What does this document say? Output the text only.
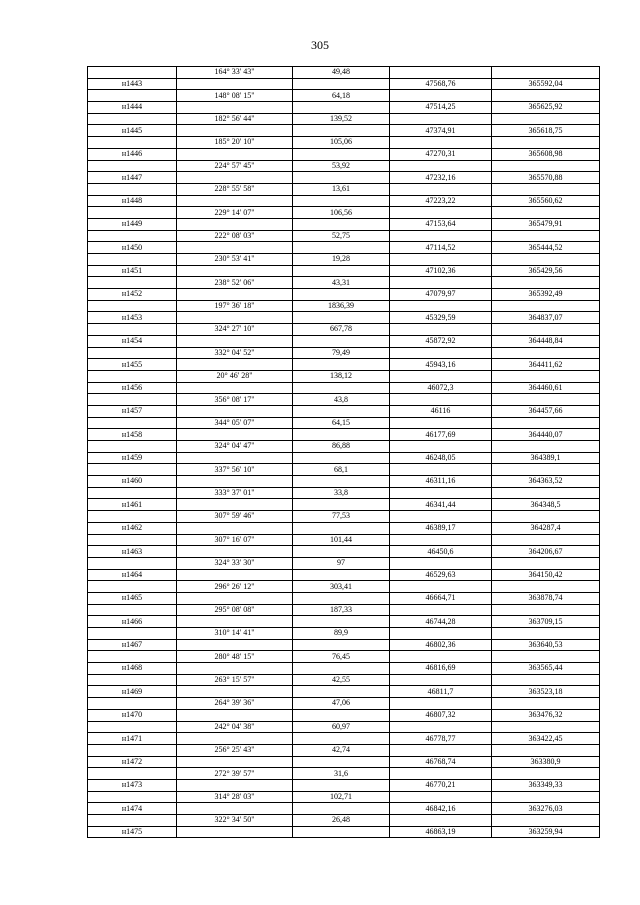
305
	164° 33' 43"	49,48		
н1443			47568,76	365592,04
	148° 08' 15"	64,18		
н1444			47514,25	365625,92
	182° 56' 44"	139,52		
н1445			47374,91	365618,75
	185° 20' 10"	105,06		
н1446			47270,31	365608,98
	224° 57' 45"	53,92		
н1447			47232,16	365570,88
	228° 55' 58"	13,61		
н1448			47223,22	365560,62
	229° 14' 07"	106,56		
н1449			47153,64	365479,91
	222° 08' 03"	52,75		
н1450			47114,52	365444,52
	230° 53' 41"	19,28		
н1451			47102,36	365429,56
	238° 52' 06"	43,31		
н1452			47079,97	365392,49
	197° 36' 18"	1836,39		
н1453			45329,59	364837,07
	324° 27' 10"	667,78		
н1454			45872,92	364448,84
	332° 04' 52"	79,49		
н1455			45943,16	364411,62
	20° 46' 28"	138,12		
н1456			46072,3	364460,61
	356° 08' 17"	43,8		
н1457			46116	364457,66
	344° 05' 07"	64,15		
н1458			46177,69	364440,07
	324° 04' 47"	86,88		
н1459			46248,05	364389,1
	337° 56' 10"	68,1		
н1460			46311,16	364363,52
	333° 37' 01"	33,8		
н1461			46341,44	364348,5
	307° 59' 46"	77,53		
н1462			46389,17	364287,4
	307° 16' 07"	101,44		
н1463			46450,6	364206,67
	324° 33' 30"	97		
н1464			46529,63	364150,42
	296° 26' 12"	303,41		
н1465			46664,71	363878,74
	295° 08' 08"	187,33		
н1466			46744,28	363709,15
	310° 14' 41"	89,9		
н1467			46802,36	363640,53
	280° 48' 15"	76,45		
н1468			46816,69	363565,44
	263° 15' 57"	42,55		
н1469			46811,7	363523,18
	264° 39' 36"	47,06		
н1470			46807,32	363476,32
	242° 04' 38"	60,97		
н1471			46778,77	363422,45
	256° 25' 43"	42,74		
н1472			46768,74	363380,9
	272° 39' 57"	31,6		
н1473			46770,21	363349,33
	314° 28' 03"	102,71		
н1474			46842,16	363276,03
	322° 34' 50"	26,48		
н1475			46863,19	363259,94
